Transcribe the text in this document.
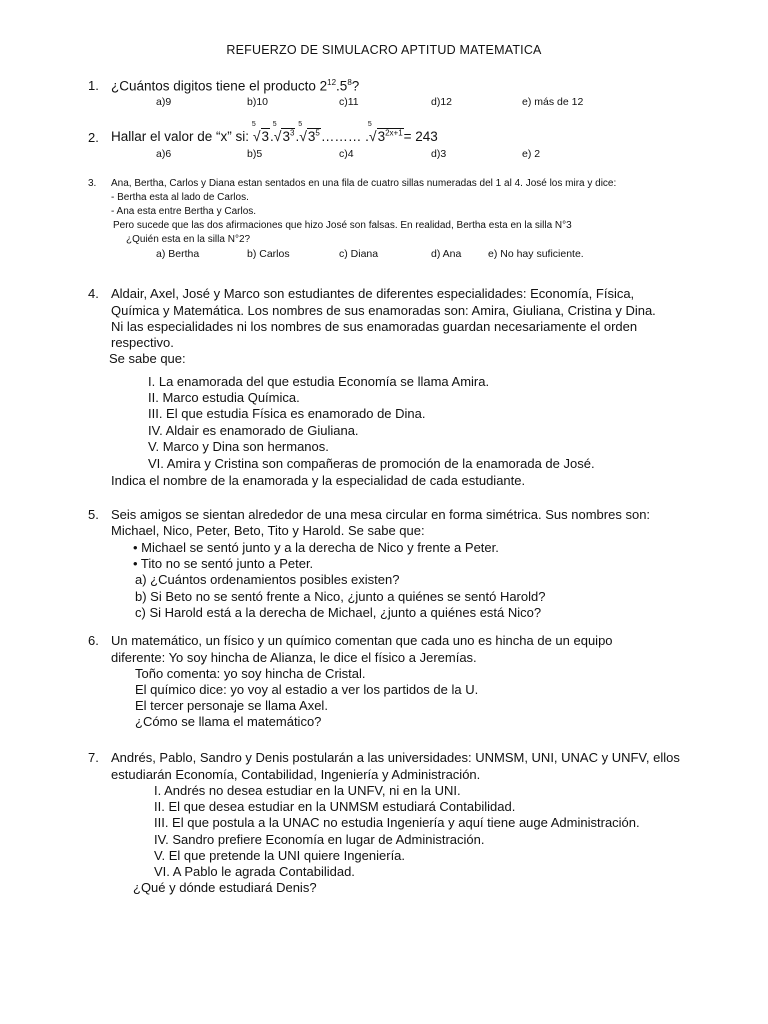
REFUERZO DE SIMULACRO APTITUD MATEMATICA
1. ¿Cuántos digitos tiene el producto $2^{12}.5^8$?
a)9	b)10	c)11	d)12	e) más de 12
2. Hallar el valor de “x” si:
5
√3.
5
$√3^3$.
5
$√3^5\dots\dots\dots$ .
5
$√3^{2x+1}= 243$
a)6	b)5	c)4	d)3	e) 2
3. Ana, Bertha, Carlos y Diana estan sentados en una fila de cuatro sillas numeradas del 1 al 4. José los mira y dice:
- Bertha esta al lado de Carlos.
- Ana esta entre Bertha y Carlos.
Pero sucede que las dos afirmaciones que hizo José son falsas. En realidad, Bertha esta en la silla N°3
¿Quién esta en la silla N°2?
a) Bertha	b) Carlos	c) Diana	d) Ana	e) No hay suficiente.
4. Aldair, Axel, José y Marco son estudiantes de diferentes especialidades: Economía, Física,
Química y Matemática. Los nombres de sus enamoradas son: Amira, Giuliana, Cristina y Dina.
Ni las especialidades ni los nombres de sus enamoradas guardan necesariamente el orden
respectivo.
Se sabe que:
I. La enamorada del que estudia Economía se llama Amira.
II. Marco estudia Química.
III. El que estudia Física es enamorado de Dina.
IV. Aldair es enamorado de Giuliana.
V. Marco y Dina son hermanos.
VI. Amira y Cristina son compañeras de promoción de la enamorada de José.
Indica el nombre de la enamorada y la especialidad de cada estudiante.
5. Seis amigos se sientan alrededor de una mesa circular en forma simétrica. Sus nombres son:
Michael, Nico, Peter, Beto, Tito y Harold. Se sabe que:
• Michael se sentó junto y a la derecha de Nico y frente a Peter.
• Tito no se sentó junto a Peter.
a) ¿Cuántos ordenamientos posibles existen?
b) Si Beto no se sentó frente a Nico, ¿junto a quiénes se sentó Harold?
c) Si Harold está a la derecha de Michael, ¿junto a quiénes está Nico?
6. Un matemático, un físico y un químico comentan que cada uno es hincha de un equipo
diferente: Yo soy hincha de Alianza, le dice el físico a Jeremías.
Toño comenta: yo soy hincha de Cristal.
El químico dice: yo voy al estadio a ver los partidos de la U.
El tercer personaje se llama Axel.
¿Cómo se llama el matemático?
7. Andrés, Pablo, Sandro y Denis postularán a las universidades: UNMSM, UNI, UNAC y UNFV, ellos
estudiarán Economía, Contabilidad, Ingeniería y Administración.
I. Andrés no desea estudiar en la UNFV, ni en la UNI.
II. El que desea estudiar en la UNMSM estudiará Contabilidad.
III. El que postula a la UNAC no estudia Ingeniería y aquí tiene auge Administración.
IV. Sandro prefiere Economía en lugar de Administración.
V. El que pretende la UNI quiere Ingeniería.
VI. A Pablo le agrada Contabilidad.
¿Qué y dónde estudiará Denis?
